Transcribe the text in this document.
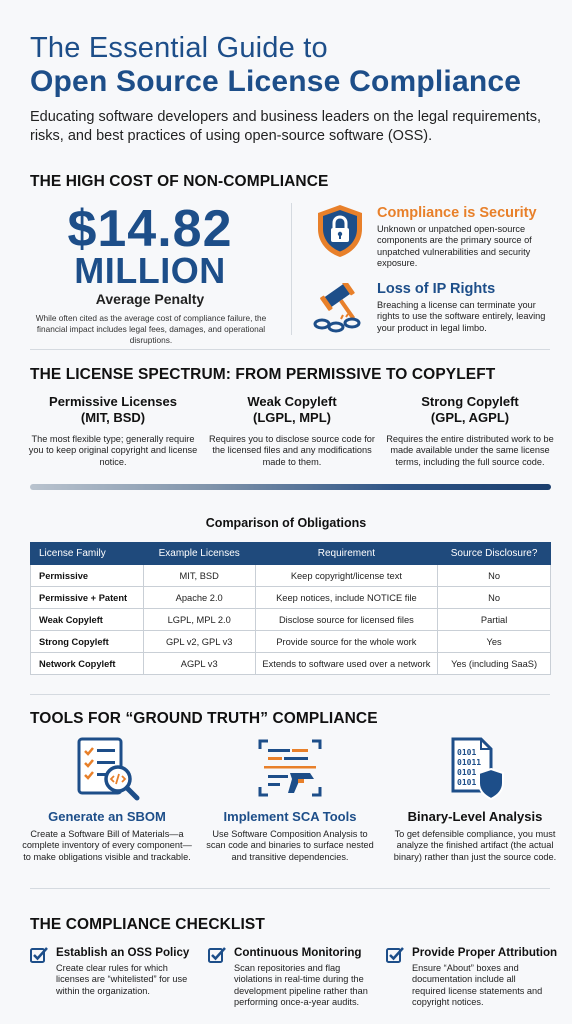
The Essential Guide to
Open Source License Compliance
Educating software developers and business leaders on the legal requirements, risks, and best practices of using open-source software (OSS).
THE HIGH COST OF NON-COMPLIANCE
$14.82
MILLION
Average Penalty
While often cited as the average cost of compliance failure, the financial impact includes legal fees, damages, and operational disruptions.
Compliance is Security
Unknown or unpatched open-source components are the primary source of unpatched vulnerabilities and security exposure.
Loss of IP Rights
Breaching a license can terminate your rights to use the software entirely, leaving your product in legal limbo.
THE LICENSE SPECTRUM: FROM PERMISSIVE TO COPYLEFT
Permissive Licenses
(MIT, BSD)
The most flexible type; generally require you to keep original copyright and license notice.
Weak Copyleft
(LGPL, MPL)
Requires you to disclose source code for the licensed files and any modifications made to them.
Strong Copyleft
(GPL, AGPL)
Requires the entire distributed work to be made available under the same license terms, including the full source code.
Comparison of Obligations
License Family	Example Licenses	Requirement	Source Disclosure?
Permissive	MIT, BSD	Keep copyright/license text	No
Permissive + Patent	Apache 2.0	Keep notices, include NOTICE file	No
Weak Copyleft	LGPL, MPL 2.0	Disclose source for licensed files	Partial
Strong Copyleft	GPL v2, GPL v3	Provide source for the whole work	Yes
Network Copyleft	AGPL v3	Extends to software used over a network	Yes (including SaaS)
TOOLS FOR “GROUND TRUTH” COMPLIANCE
Generate an SBOM
Create a Software Bill of Materials—a complete inventory of every component—to make obligations visible and trackable.
Implement SCA Tools
Use Software Composition Analysis to scan code and binaries to surface nested and transitive dependencies.
0101
01011
0101
0101
Binary-Level Analysis
To get defensible compliance, you must analyze the finished artifact (the actual binary) rather than just the source code.
THE COMPLIANCE CHECKLIST
Establish an OSS Policy
Create clear rules for which licenses are “whitelisted” for use within the organization.
Continuous Monitoring
Scan repositories and flag violations in real-time during the development pipeline rather than performing once-a-year audits.
Provide Proper Attribution
Ensure “About” boxes and documentation include all required license statements and copyright notices.
